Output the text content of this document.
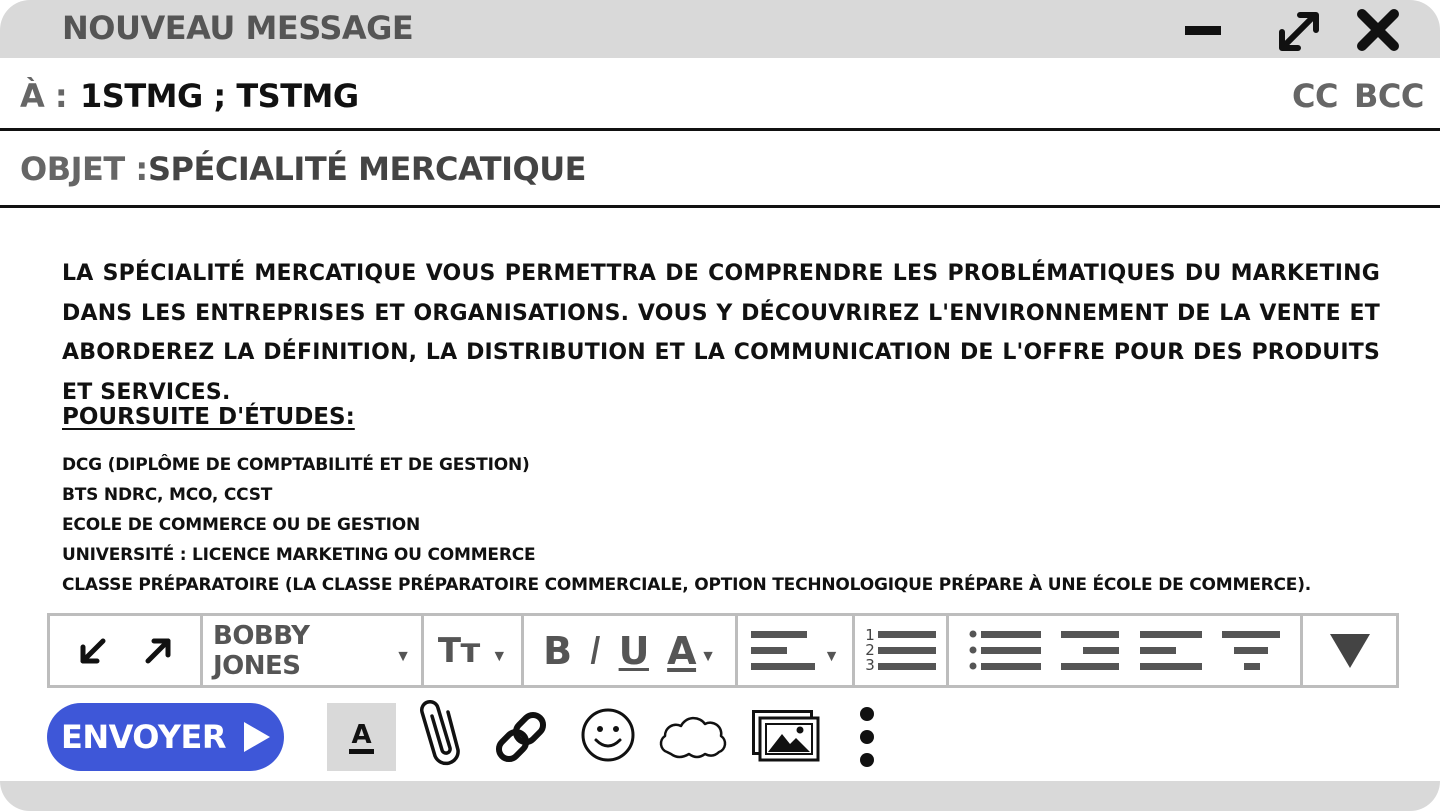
NOUVEAU MESSAGE
À : 1STMG ; TSTMG	CC BCC
OBJET : SPÉCIALITÉ MERCATIQUE
LA SPÉCIALITÉ MERCATIQUE VOUS PERMETTRA DE COMPRENDRE LES PROBLÉMATIQUES DU MARKETING DANS LES ENTREPRISES ET ORGANISATIONS. VOUS Y DÉCOUVRIREZ L'ENVIRONNEMENT DE LA VENTE ET ABORDEREZ LA DÉFINITION, LA DISTRIBUTION ET LA COMMUNICATION DE L'OFFRE POUR DES PRODUITS ET SERVICES.
POURSUITE D'ÉTUDES:
DCG (DIPLÔME DE COMPTABILITÉ ET DE GESTION)
BTS NDRC, MCO, CCST
ECOLE DE COMMERCE OU DE GESTION
UNIVERSITÉ : LICENCE MARKETING OU COMMERCE
CLASSE PRÉPARATOIRE (LA CLASSE PRÉPARATOIRE COMMERCIALE, OPTION TECHNOLOGIQUE PRÉPARE À UNE ÉCOLE DE COMMERCE).
BOBBY JONES	▼ Tт ▼ B I U A ▼	▼
1
2
3
ENVOYER	A
